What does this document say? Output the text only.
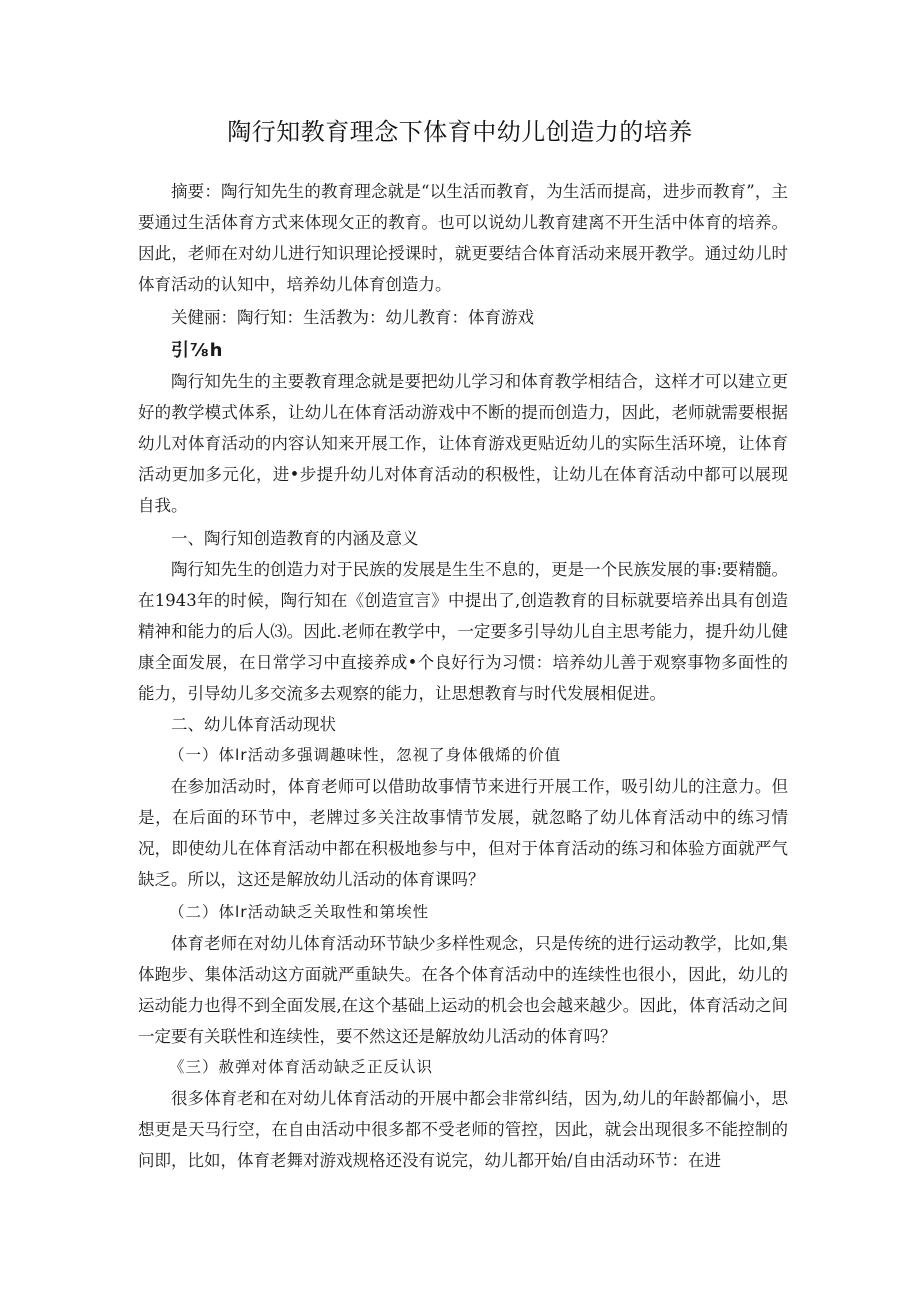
陶行知教育理念下体育中幼儿创造力的培养

摘要：陶行知先生的教育理念就是“以生活而教育，为生活而提高，进步而教育”，主要通过生活体育方式来体现攵正的教育。也可以说幼儿教育建离不开生活中体育的培养。因此，老师在对幼儿进行知识理论授课时，就更要结合体育活动来展开教学。通过幼儿时体育活动的认知中，培养幼儿体育创造力。

关健丽：陶行知：生活教为：幼儿教育：体育游戏

引⅞h

陶行知先生的主要教育理念就是要把幼儿学习和体育教学相结合，这样才可以建立更好的教学模式体系，让幼儿在体育活动游戏中不断的提而创造力，因此，老师就需要根据幼儿对体育活动的内容认知来开展工作，让体育游戏更贴近幼儿的实际生活环境，让体育活动更加多元化，进•步提升幼儿对体育活动的积极性，让幼儿在体育活动中都可以展现自我。

一、陶行知创造教育的内涵及意义

陶行知先生的创造力对于民族的发展是生生不息的，更是一个民族发展的事:要精髓。在1943年的时候，陶行知在《创造宣言》中提出了,创造教育的目标就要培养出具有创造精神和能力的后人⑶。因此.老师在教学中，一定要多引导幼儿自主思考能力，提升幼儿健康全面发展，在日常学习中直接养成•个良好行为习惯：培养幼儿善于观察事物多面性的能力，引导幼儿多交流多去观察的能力，让思想教育与时代发展相促进。

二、幼儿体育活动现状

（一）体lr活动多强调趣味性，忽视了身体俄烯的价值

在参加活动时，体育老师可以借助故事情节来进行开展工作，吸引幼儿的注意力。但是，在后面的环节中，老牌过多关注故事情节发展，就忽略了幼儿体育活动中的练习情况，即使幼儿在体育活动中都在积极地参与中，但对于体育活动的练习和体验方面就严气缺乏。所以，这还是解放幼儿活动的体育课吗？

（二）体lr活动缺乏关取性和第埃性

体育老师在对幼儿体育活动环节缺少多样性观念，只是传统的进行运动教学，比如,集体跑步、集体活动这方面就严重缺失。在各个体育活动中的连续性也很小，因此，幼儿的运动能力也得不到全面发展,在这个基础上运动的机会也会越来越少。因此，体育活动之间一定要有关联性和连续性，要不然这还是解放幼儿活动的体育吗？

《三）赦弹对体育活动缺乏正反认识

很多体育老和在对幼儿体育活动的开展中都会非常纠结，因为,幼儿的年龄都偏小，思想更是天马行空，在自由活动中很多都不受老师的管控，因此，就会出现很多不能控制的问即，比如，体育老舞对游戏规格还没有说完，幼儿都开始/自由活动环节：在进
